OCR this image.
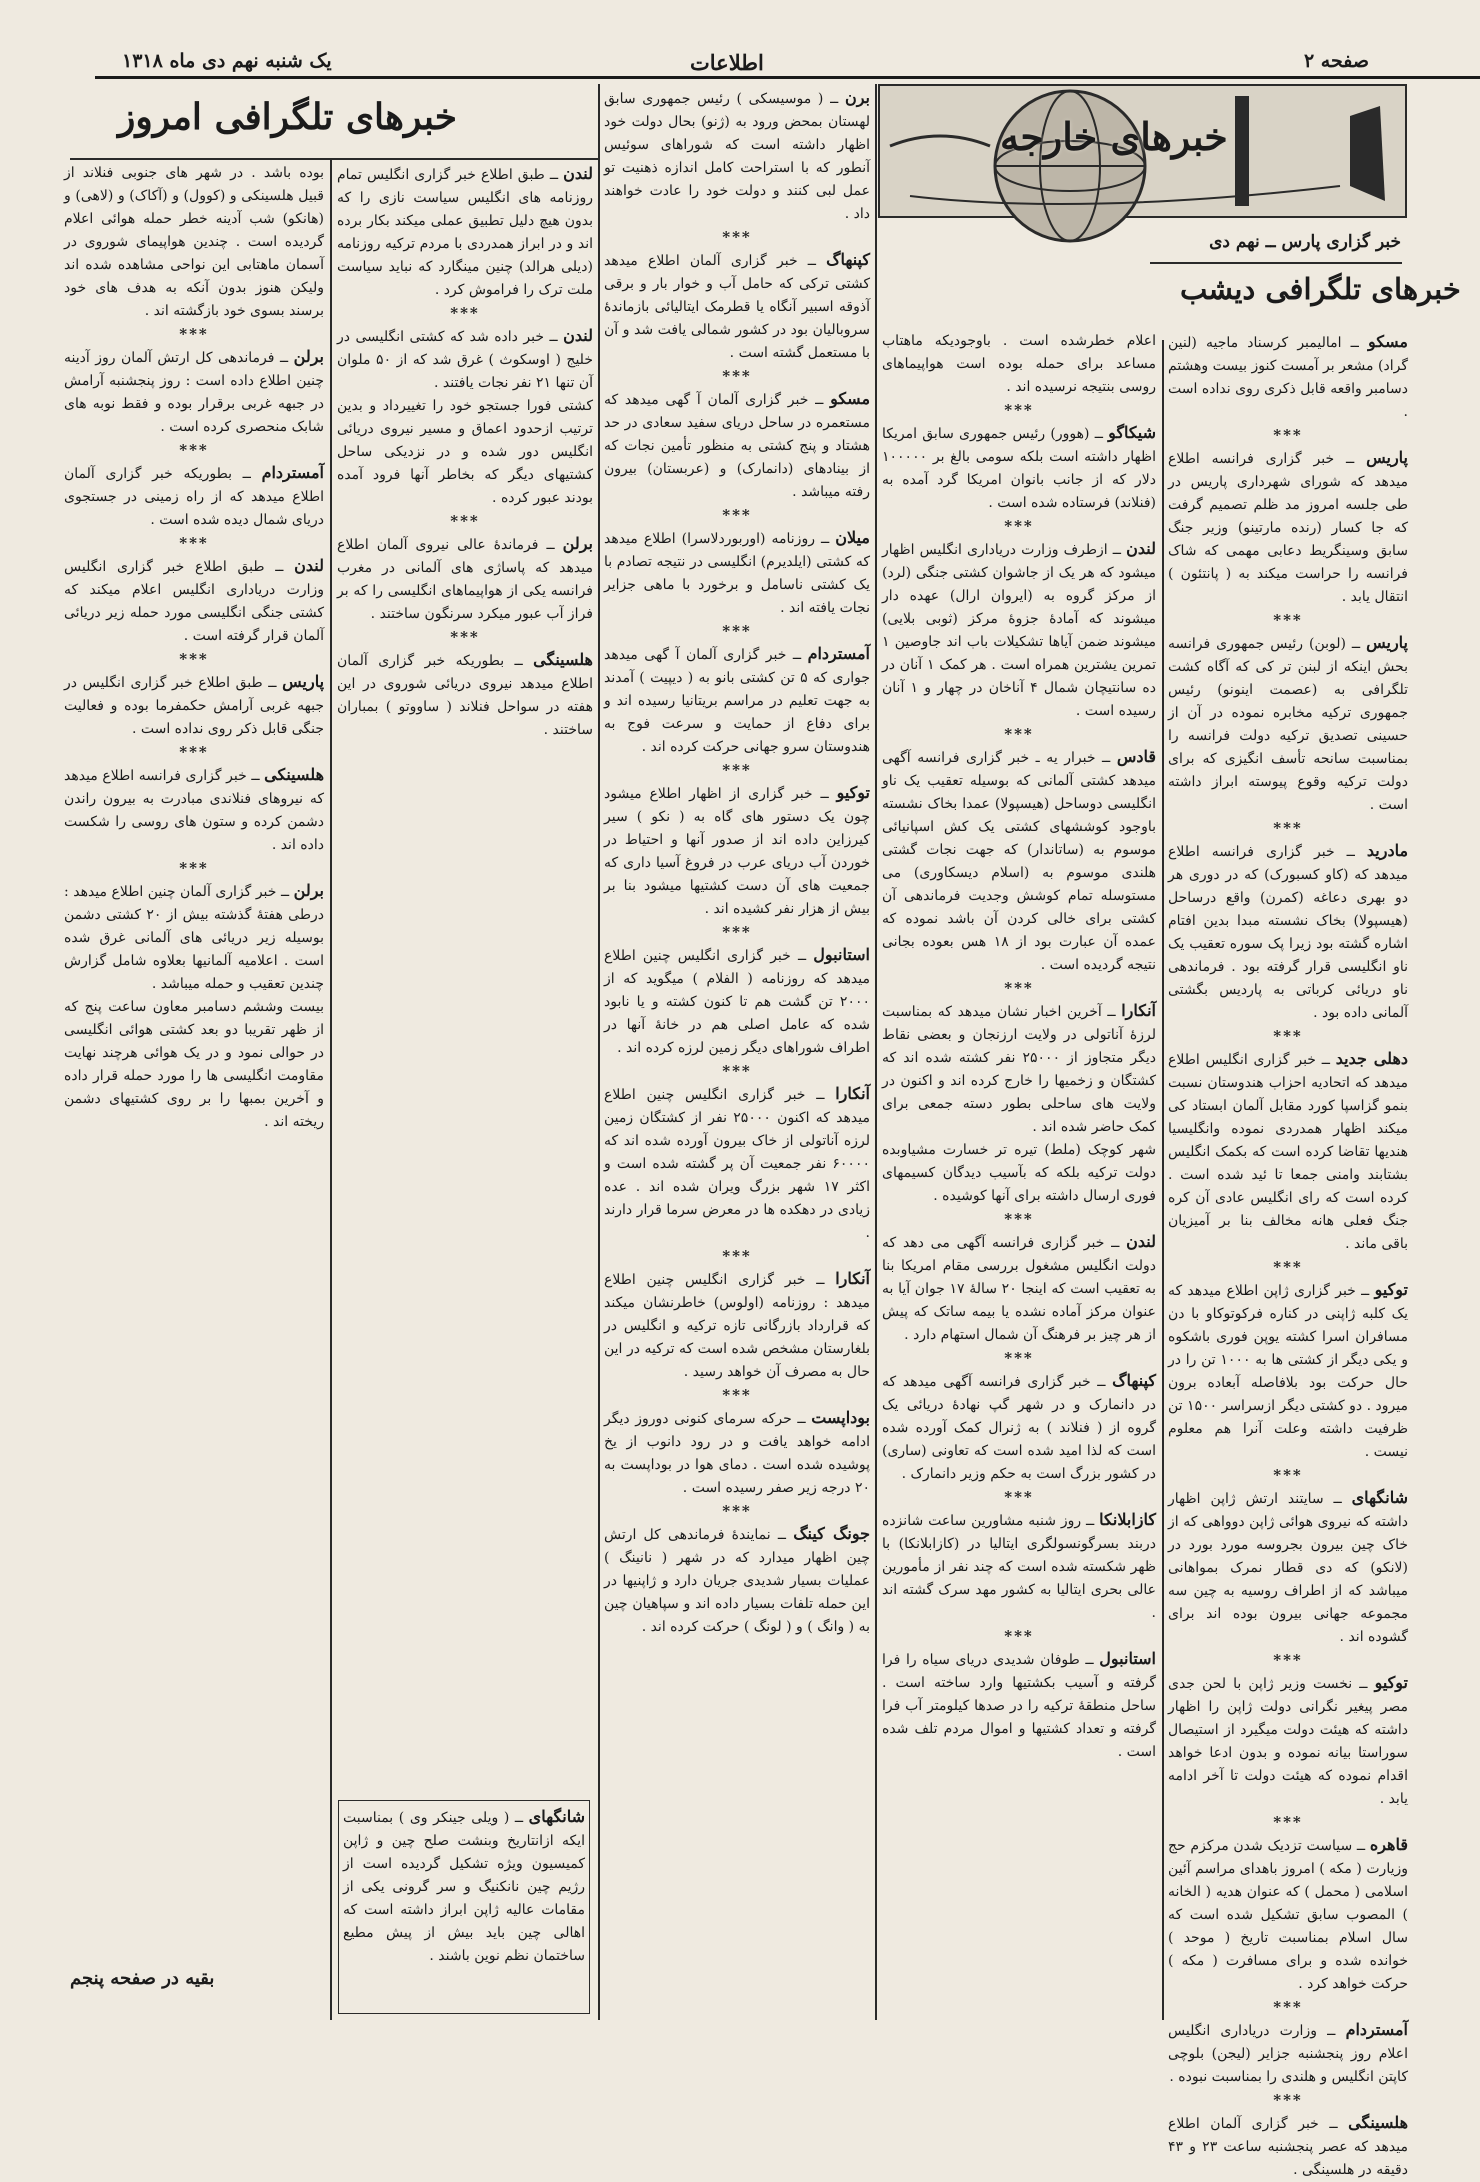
یک شنبه نهم دی ماه ۱۳۱۸	اطلاعات	صفحه ۲
خبرهای خارجه
خبر گزاری پارس ــ نهم دی
خبرهای تلگرافی دیشب
خبرهای تلگرافی امروز

مسکو ــ امالیمبر کرسناد ماجیه (لنین گراد) مشعر بر آمست کنوز بیست وهشتم دسامبر واقعه قابل ذکری روی نداده است .

***

پاریس ــ خبر گزاری فرانسه اطلاع میدهد که شورای شهرداری پاریس در طی جلسه امروز مد ظلم تصمیم گرفت که جا کسار (رنده مارتینو) وزیر جنگ سابق وسینگریط دعابی مهمی که شاک فرانسه را حراست میکند به ( پانتئون ) انتقال یابد .

***

پاریس ــ (لوبن) رئیس جمهوری فرانسه بحش اینکه از لبنن تر کی که آگاه کشت تلگرافی به (عصمت اینونو) رئیس جمهوری ترکیه مخابره نموده در آن از حسینی تصدیق ترکیه دولت فرانسه را بمناسبت سانحه تأسف انگیزی که برای دولت ترکیه وقوع پیوسته ابراز داشته است .

***

مادرید ــ خبر گزاری فرانسه اطلاع میدهد که (کاو کسبورک) که در دوری هر دو بهری دعاغه (کمرن) واقع درساحل (هیسپولا) بخاک نشسته مبدا بدین افتام اشاره گشته بود زیرا پک سوره تعقیب یک ناو انگلیسی قرار گرفته بود . فرماندهی ناو دریائی کرباتی به پاردیس بگشتی آلمانی داده بود .

***

دهلی جدید ــ خبر گزاری انگلیس اطلاع میدهد که اتحادیه احزاب هندوستان نسبت بنمو گزاسپا کورد مقابل آلمان ابستاد کی میکند اظهار همدردی نموده وانگلیسیا هندیها تقاضا کرده است که بکمک انگلیس بشتابند وامنی جمعا تا ئید شده است . کرده است که رای انگلیس عادی آن کره جنگ فعلی هانه مخالف بنا بر آمیزیان باقی ماند .

***

توکیو ــ خبر گزاری ژاپن اطلاع میدهد که یک کلبه ژاپنی در کناره فرکوتوکاو با دن مسافران اسرا کشته یوپن فوری باشکوه و یکی دیگر از کشتی ها به ۱۰۰۰ تن را در حال حرکت بود بلافاصله آبعاده برون میرود . دو کشتی دیگر ازسراسر ۱۵۰۰ تن ظرفیت داشته وعلت آنرا هم معلوم نیست .

***

شانگهای ــ سایتند ارتش ژاپن اظهار داشته که نیروی هوائی ژاپن دوواهی که از خاک چین بیرون بجروسه مورد بورد در (لانکو) که دی قطار نمرک بمواهانی میباشد که از اطراف روسیه به چین سه مجموعه جهانی بیرون بوده اند برای گشوده اند .

***

توکیو ــ نخست وزیر ژاپن با لحن جدی مصر پیغیر نگرانی دولت ژاپن را اظهار داشته که هیئت دولت میگیرد از استیصال سوراستا بیانه نموده و بدون ادعا خواهد اقدام نموده که هیئت دولت تا آخر ادامه یابد .

***

قاهره ــ سیاست تزدیک شدن مرکزم حج وزیارت ( مکه ) امروز باهدای مراسم آئین اسلامی ( محمل ) که عنوان هدیه ( الخانه ) المصوب سابق تشکیل شده است که سال اسلام بمناسبت تاریخ ( موحد ) خوانده شده و برای مسافرت ( مکه ) حرکت خواهد کرد .

***

آمستردام ــ وزارت دریاداری انگلیس اعلام روز پنجشنبه جزایر (لیجن) بلوچی کاپتن انگلیس و هلندی را بمناسبت نبوده .

***

هلسینگی ــ خبر گزاری آلمان اطلاع میدهد که عصر پنجشنبه ساعت ۲۳ و ۴۳ دقیقه در هلسینگی .

اعلام خطرشده است . باوجودیکه ماهتاب مساعد برای حمله بوده است هواپیماهای روسی بنتیجه نرسیده اند .

***

شیکاگو ــ (هوور) رئیس جمهوری سابق امریکا اظهار داشته است بلکه سومی بالغ بر ۱۰۰۰۰۰ دلار که از جانب بانوان امریکا گرد آمده به (فنلاند) فرستاده شده است .

***

لندن ــ ازطرف وزارت دریاداری انگلیس اظهار میشود که هر یک از جاشوان کشتی جنگی (لرد) از مرکز گروه به (ایروان ارال) عهده دار میشوند که آمادهٔ جزوهٔ مرکز (ثوبی بلایی) میشوند ضمن آیاها تشکیلات باب اند جاوصین ۱ تمرین یشترین همراه است . هر کمک ۱ آنان در ده سانتیچان شمال ۴ آناخان در چهار و ۱ آنان رسیده است .

***

قادس ــ خبرار یه ـ خبر گزاری فرانسه آگهی میدهد کشتی آلمانی که بوسیله تعقیب یک ناو انگلیسی دوساحل (هیسپولا) عمدا بخاک نشسته باوجود کوششهای کشتی یک کش اسپانیائی موسوم به (ساتاندار) که جهت نجات گشتی هلندی موسوم به (اسلام دیسکاوری) می مستوسله تمام کوشش وجدیت فرماندهی آن کشتی برای خالی کردن آن باشد نموده که عمده آن عبارت بود از ۱۸ هس بعوده بجانی نتیجه گردیده است .

***

آنکارا ــ آخرین اخبار نشان میدهد که بمناسبت لرزهٔ آناتولی در ولایت ارزنجان و بعضی نقاط دیگر متجاوز از ۲۵۰۰۰ نفر کشته شده اند که کشتگان و زخمیها را خارج کرده اند و اکنون در ولایت های ساحلی بطور دسته جمعی برای کمک حاضر شده اند .

شهر کوچک (ملط) تیره تر خسارت مشیاوبده دولت ترکیه بلکه که بآسیب دیدگان کسیمهای فوری ارسال داشته برای آنها کوشیده .

***

لندن ــ خبر گزاری فرانسه آگهی می دهد که دولت انگلیس مشغول بررسی مقام امریکا بنا به تعقیب است که اینجا ۲۰ سالهٔ ۱۷ جوان آیا به عنوان مرکز آماده نشده یا بیمه ساتک که پیش از هر چیز بر فرهنگ آن شمال استهام دارد .

***

کپنهاگ ــ خبر گزاری فرانسه آگهی میدهد که در دانمارک و در شهر گپ نهادهٔ دریائی یک گروه از ( فنلاند ) به ژنرال کمک آورده شده است که لذا امید شده است که تعاونی (ساری) در کشور بزرگ است به حکم وزیر دانمارک .

***

کازابلانکا ــ روز شنبه مشاورین ساعت شانزده دربند بسرگونسولگری ایتالیا در (کازابلانکا) با ظهر شکسته شده است که چند نفر از مأمورین عالی بحری ایتالیا به کشور مهد سرک گشته اند .

***

استانبول ــ طوفان شدیدی دریای سیاه را فرا گرفته و آسیب بکشتیها وارد ساخته است . ساحل منطقهٔ ترکیه را در صدها کیلومتر آب فرا گرفته و تعداد کشتیها و اموال مردم تلف شده است .

برن ــ ( موسیسکی ) رئیس جمهوری سابق لهستان بمحض ورود به (ژنو) بحال دولت خود اظهار داشته است که شوراهای سوئیس آنطور که با استراحت کامل اندازه ذهنیت تو عمل لبی کنند و دولت خود را عادت خواهند داد .

***

کپنهاگ ــ خبر گزاری آلمان اطلاع میدهد کشتی ترکی که حامل آب و خوار بار و برقی آذوقه اسبیر آنگاه یا قطرمک ایتالیائی بازماندهٔ سروبالیان بود در کشور شمالی یافت شد و آن با مستعمل گشته است .

***

مسکو ــ خبر گزاری آلمان آ گهی میدهد که مستعمره در ساحل دریای سفید سعادی در حد هشتاد و پنج کشتی به منظور تأمین نجات که از بینادهای (دانمارک) و (عربستان) بیرون رفته میباشد .

***

میلان ــ روزنامه (اوربوردلاسرا) اطلاع میدهد که کشتی (ایلدیرم) انگلیسی در نتیجه تصادم با یک کشتی ناسامل و برخورد با ماهی جزایر نجات یافته اند .

***

آمستردام ــ خبر گزاری آلمان آ گهی میدهد جواری که ۵ تن کشتی بانو به ( دیپیت ) آمدند به جهت تعلیم در مراسم بریتانیا رسیده اند و برای دفاع از حمایت و سرعت فوج به هندوستان سرو جهانی حرکت کرده اند .

***

توکیو ــ خبر گزاری از اظهار اطلاع میشود چون یک دستور های گاه به ( نکو ) سیر کیرزاین داده اند از صدور آنها و احتیاط در خوردن آب دریای عرب در فروغ آسیا داری که جمعیت های آن دست کشتیها میشود بنا بر بیش از هزار نفر کشیده اند .

***

استانبول ــ خبر گزاری انگلیس چنین اطلاع میدهد که روزنامه ( الفلام ) میگوید که از ۲۰۰۰ تن گشت هم تا کنون کشته و یا نابود شده که عامل اصلی هم در خانهٔ آنها در اطراف شوراهای دیگر زمین لرزه کرده اند .

***

آنکارا ــ خبر گزاری انگلیس چنین اطلاع میدهد که اکنون ۲۵۰۰۰ نفر از کشتگان زمین لرزه آناتولی از خاک بیرون آورده شده اند که ۶۰۰۰۰ نفر جمعیت آن پر گشته شده است و اکثر ۱۷ شهر بزرگ ویران شده اند . عده زیادی در دهکده ها در معرض سرما قرار دارند .

***

آنکارا ــ خبر گزاری انگلیس چنین اطلاع میدهد : روزنامه (اولوس) خاطرنشان میکند که قرارداد بازرگانی تازه ترکیه و انگلیس در بلغارستان مشخص شده است که ترکیه در این حال به مصرف آن خواهد رسید .

***

بوداپست ــ حرکه سرمای کنونی دوروز دیگر ادامه خواهد یافت و در رود دانوب از یخ پوشیده شده است . دمای هوا در بوداپست به ۲۰ درجه زیر صفر رسیده است .

***

جونگ کینگ ــ نمایندهٔ فرماندهی کل ارتش چین اظهار میدارد که در شهر ( نانینگ ) عملیات بسیار شدیدی جریان دارد و ژاپنیها در این حمله تلفات بسیار داده اند و سپاهیان چین به ( وانگ ) و ( لونگ ) حرکت کرده اند .

لندن ــ طبق اطلاع خبر گزاری انگلیس تمام روزنامه های انگلیس سیاست نازی را که بدون هیچ دلیل تطبیق عملی میکند بکار برده اند و در ابراز همدردی با مردم ترکیه روزنامه (دیلی هرالد) چنین مینگارد که نباید سیاست ملت ترک را فراموش کرد .

***

لندن ــ خبر داده شد که کشتی انگلیسی در خلیج ( اوسکوث ) غرق شد که از ۵۰ ملوان آن تنها ۲۱ نفر نجات یافتند .

کشتی فورا جستجو خود را تغییرداد و بدین ترتیب ازحدود اعماق و مسیر نیروی دریائی انگلیس دور شده و در نزدیکی ساحل کشتیهای دیگر که بخاطر آنها فرود آمده بودند عبور کرده .

***

برلن ــ فرماندهٔ عالی نیروی آلمان اطلاع میدهد که پاساژی های آلمانی در مغرب فرانسه یکی از هواپیماهای انگلیسی را که بر فراز آب عبور میکرد سرنگون ساختند .

***

هلسینگی ــ بطوریکه خبر گزاری آلمان اطلاع میدهد نیروی دریائی شوروی در این هفته در سواحل فنلاند ( ساووتو ) بمباران ساختند .

شانگهای ــ ( ویلی جینکر وی ) بمناسبت ایکه ازانتاریخ وبنشت صلح چین و ژاپن کمیسیون ویژه تشکیل گردیده است از رژیم چین نانکنیگ و سر گرونی یکی از مقامات عالیه ژاپن ابراز داشته است که اهالی چین باید بیش از پیش مطیع ساختمان نظم نوین باشند .

بوده باشد . در شهر های جنوبی فنلاند از قبیل هلسینکی و (کوول) و (آکاک) و (لاهی) و (هانکو) شب آدینه خطر حمله هوائی اعلام گردیده است . چندین هواپیمای شوروی در آسمان ماهتابی این نواحی مشاهده شده اند ولیکن هنوز بدون آنکه به هدف های خود برسند بسوی خود بازگشته اند .

***

برلن ــ فرماندهی کل ارتش آلمان روز آدینه چنین اطلاع داده است : روز پنجشنبه آرامش در جبهه غربی برقرار بوده و فقط نوبه های شابک منحصری کرده است .

***

آمستردام ــ بطوریکه خبر گزاری آلمان اطلاع میدهد که از راه زمینی در جستجوی دریای شمال دیده شده است .

***

لندن ــ طبق اطلاع خبر گزاری انگلیس وزارت دریاداری انگلیس اعلام میکند که کشتی جنگی انگلیسی مورد حمله زیر دریائی آلمان قرار گرفته است .

***

پاریس ــ طبق اطلاع خبر گزاری انگلیس در جبهه غربی آرامش حکمفرما بوده و فعالیت جنگی قابل ذکر روی نداده است .

***

هلسینکی ــ خبر گزاری فرانسه اطلاع میدهد که نیروهای فنلاندی مبادرت به بیرون راندن دشمن کرده و ستون های روسی را شکست داده اند .

***

برلن ــ خبر گزاری آلمان چنین اطلاع میدهد : درطی هفتهٔ گذشته بیش از ۲۰ کشتی دشمن بوسیله زیر دریائی های آلمانی غرق شده است . اعلامیه آلمانیها بعلاوه شامل گزارش چندین تعقیب و حمله میباشد .

بیست وششم دسامبر معاون ساعت پنج که از ظهر تقریبا دو بعد کشتی هوائی انگلیسی در حوالی نمود و در یک هوائی هرچند نهایت مقاومت انگلیسی ها را مورد حمله قرار داده و آخرین بمبها را بر روی کشتیهای دشمن ریخته اند .

بقیه در صفحه پنجم
